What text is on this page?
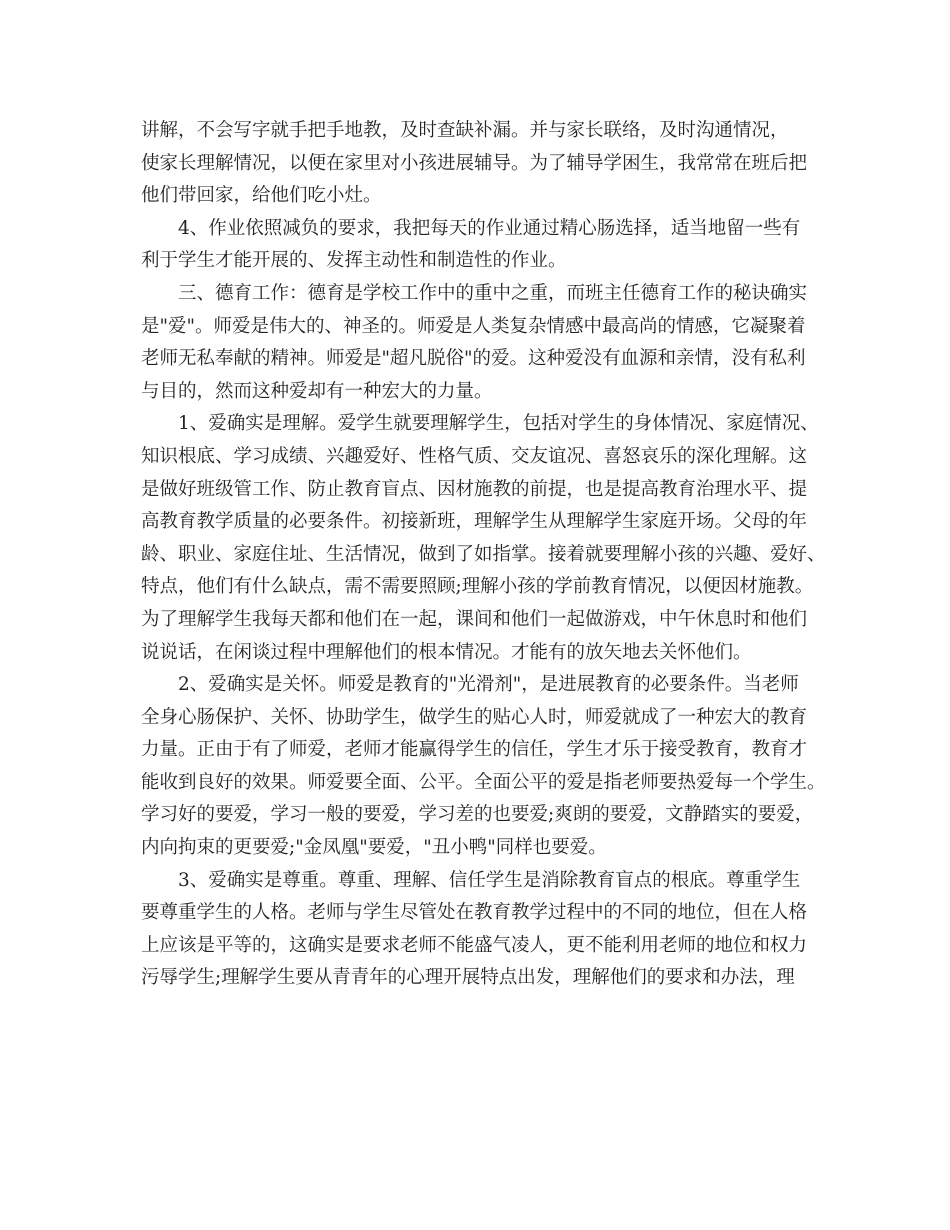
讲解，不会写字就手把手地教，及时查缺补漏。并与家长联络，及时沟通情况，
使家长理解情况，以便在家里对小孩进展辅导。为了辅导学困生，我常常在班后把
他们带回家，给他们吃小灶。
4、作业依照减负的要求，我把每天的作业通过精心肠选择，适当地留一些有
利于学生才能开展的、发挥主动性和制造性的作业。
三、德育工作：德育是学校工作中的重中之重，而班主任德育工作的秘诀确实
是"爱"。师爱是伟大的、神圣的。师爱是人类复杂情感中最高尚的情感，它凝聚着
老师无私奉献的精神。师爱是"超凡脱俗"的爱。这种爱没有血源和亲情，没有私利
与目的，然而这种爱却有一种宏大的力量。
1、爱确实是理解。爱学生就要理解学生，包括对学生的身体情况、家庭情况、
知识根底、学习成绩、兴趣爱好、性格气质、交友谊况、喜怒哀乐的深化理解。这
是做好班级管工作、防止教育盲点、因材施教的前提，也是提高教育治理水平、提
高教育教学质量的必要条件。初接新班，理解学生从理解学生家庭开场。父母的年
龄、职业、家庭住址、生活情况，做到了如指掌。接着就要理解小孩的兴趣、爱好、
特点，他们有什么缺点，需不需要照顾;理解小孩的学前教育情况，以便因材施教。
为了理解学生我每天都和他们在一起，课间和他们一起做游戏，中午休息时和他们
说说话，在闲谈过程中理解他们的根本情况。才能有的放矢地去关怀他们。
2、爱确实是关怀。师爱是教育的"光滑剂"，是进展教育的必要条件。当老师
全身心肠保护、关怀、协助学生，做学生的贴心人时，师爱就成了一种宏大的教育
力量。正由于有了师爱，老师才能赢得学生的信任，学生才乐于接受教育，教育才
能收到良好的效果。师爱要全面、公平。全面公平的爱是指老师要热爱每一个学生。
学习好的要爱，学习一般的要爱，学习差的也要爱;爽朗的要爱，文静踏实的要爱，
内向拘束的更要爱;"金凤凰"要爱，"丑小鸭"同样也要爱。
3、爱确实是尊重。尊重、理解、信任学生是消除教育盲点的根底。尊重学生
要尊重学生的人格。老师与学生尽管处在教育教学过程中的不同的地位，但在人格
上应该是平等的，这确实是要求老师不能盛气凌人，更不能利用老师的地位和权力
污辱学生;理解学生要从青青年的心理开展特点出发，理解他们的要求和办法，理
